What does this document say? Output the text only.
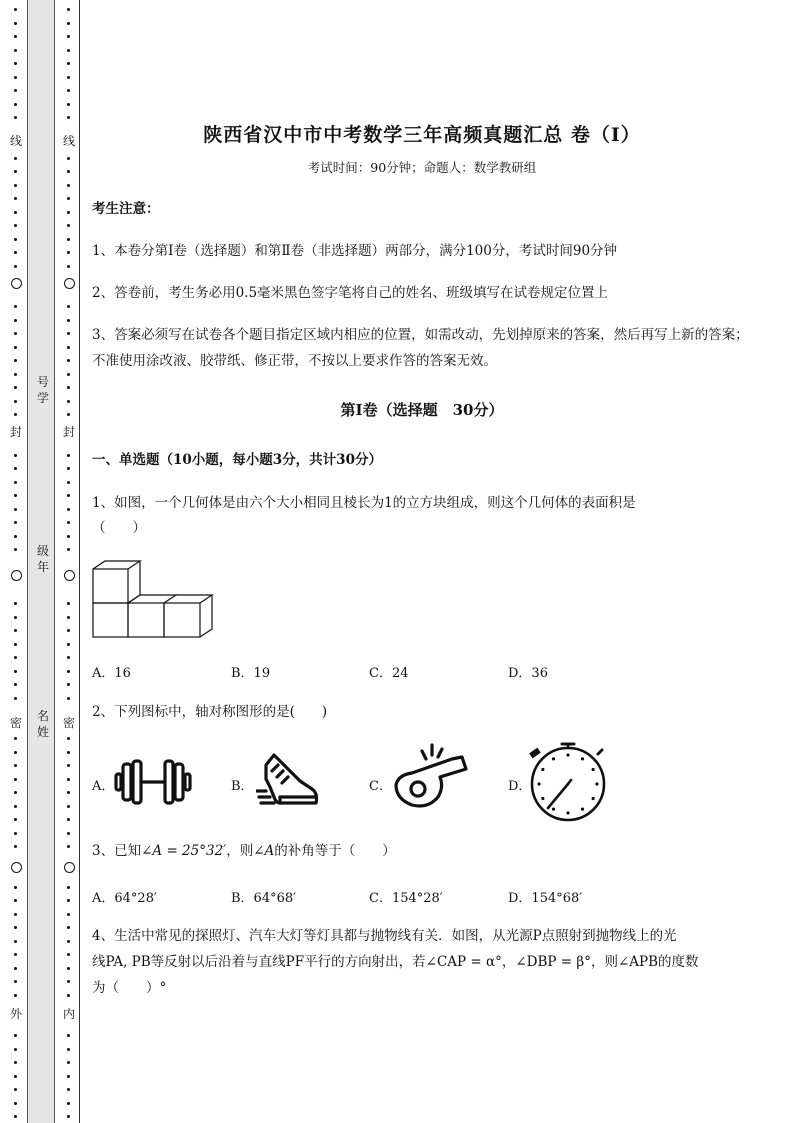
线
封
密
外
线
封
密
内
号学
级年
名姓
陕西省汉中市中考数学三年高频真题汇总 卷（Ⅰ）
考试时间：90分钟；命题人：数学教研组
考生注意：
1、本卷分第I卷（选择题）和第Ⅱ卷（非选择题）两部分，满分100分，考试时间90分钟
2、答卷前，考生务必用0.5毫米黑色签字笔将自己的姓名、班级填写在试卷规定位置上
3、答案必须写在试卷各个题目指定区域内相应的位置，如需改动，先划掉原来的答案，然后再写上新的答案；不准使用涂改液、胶带纸、修正带，不按以上要求作答的答案无效。
第I卷（选择题　30分）
一、单选题（10小题，每小题3分，共计30分）
1、如图，一个几何体是由六个大小相同且棱长为1的立方块组成，则这个几何体的表面积是
（　　）
A．16	B．19	C．24	D．36
2、下列图标中，轴对称图形的是(　　)
A．	B．	C．	D．
3、已知∠A = 25°32′，则∠A的补角等于（　　）
A．64°28′	B．64°68′	C．154°28′	D．154°68′
4、生活中常见的探照灯、汽车大灯等灯具都与抛物线有关．如图，从光源P点照射到抛物线上的光
线PA, PB等反射以后沿着与直线PF平行的方向射出，若∠CAP = α°，∠DBP = β°，则∠APB的度数
为（　　）°
